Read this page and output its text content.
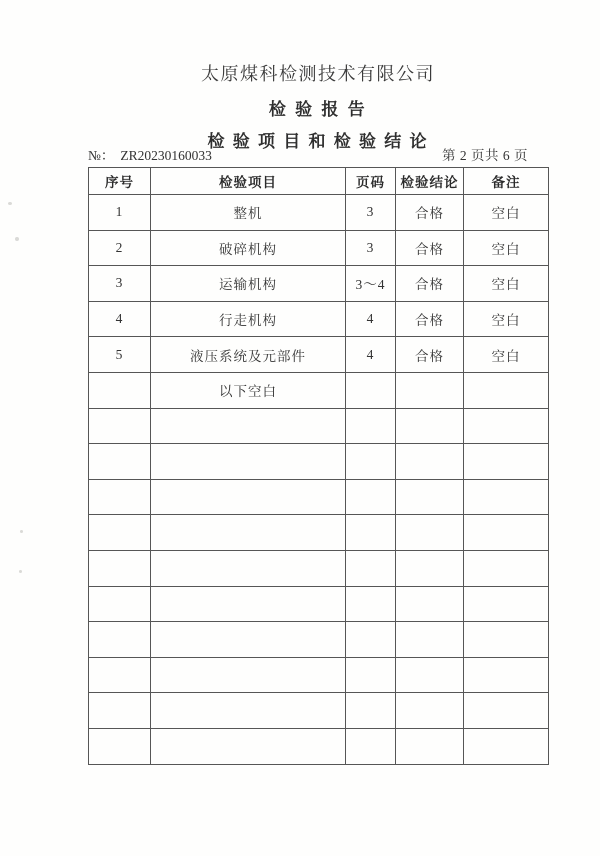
太原煤科检测技术有限公司
检 验 报 告
检 验 项 目 和 检 验 结 论
№： ZR20230160033	第 2 页共 6 页
序号	检验项目	页码	检验结论	备注
1	整机	3	合格	空白
2	破碎机构	3	合格	空白
3	运输机构	3～4	合格	空白
4	行走机构	4	合格	空白
5	液压系统及元部件	4	合格	空白
	以下空白			
